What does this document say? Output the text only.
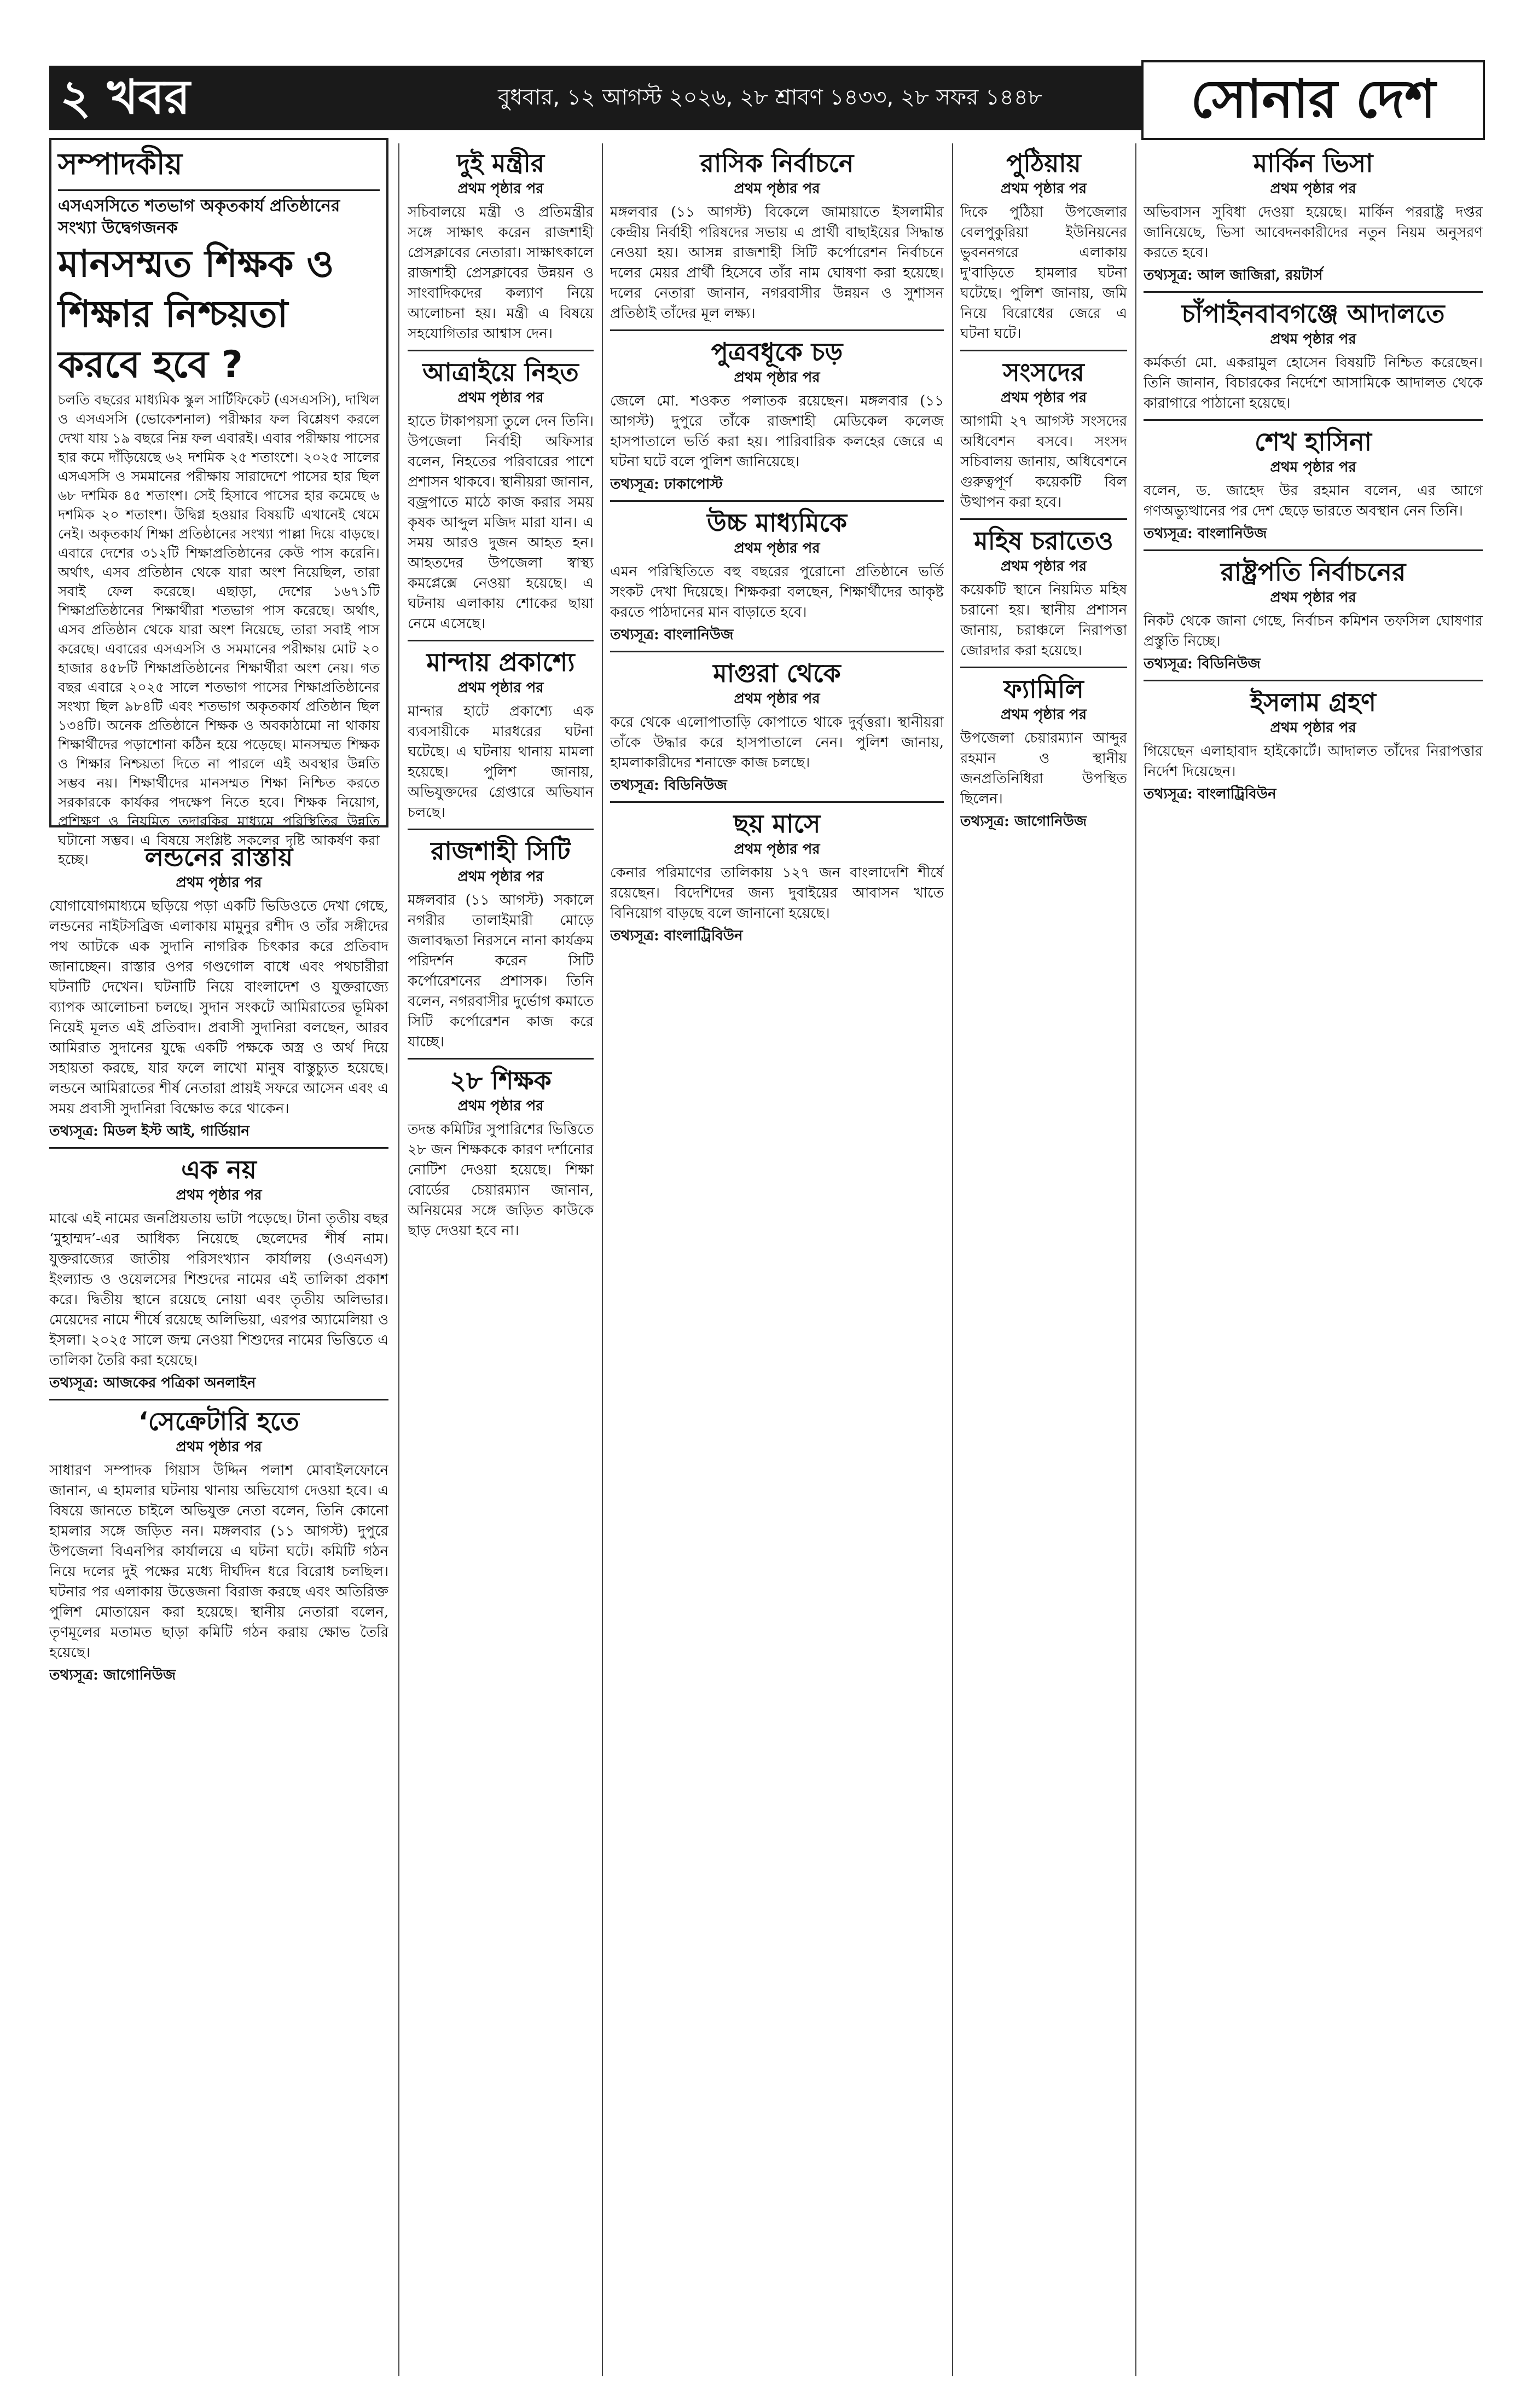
২ খবর	বুধবার, ১২ আগস্ট ২০২৬, ২৮ শ্রাবণ ১৪৩৩, ২৮ সফর ১৪৪৮	সোনার দেশ
সম্পাদকীয়
এসএসসিতে শতভাগ অকৃতকার্য প্রতিষ্ঠানের সংখ্যা উদ্বেগজনক
মানসম্মত শিক্ষক ও শিক্ষার নিশ্চয়তা করবে হবে ?
চলতি বছরের মাধ্যমিক স্কুল সার্টিফিকেট (এসএসসি), দাখিল ও এসএসসি (ভোকেশনাল) পরীক্ষার ফল বিশ্লেষণ করলে দেখা যায় ১৯ বছরে নিম্ন ফল এবারই। এবার পরীক্ষায় পাসের হার কমে দাঁড়িয়েছে ৬২ দশমিক ২৫ শতাংশে। ২০২৫ সালের এসএসসি ও সমমানের পরীক্ষায় সারাদেশে পাসের হার ছিল ৬৮ দশমিক ৪৫ শতাংশ। সেই হিসাবে পাসের হার কমেছে ৬ দশমিক ২০ শতাংশ। উদ্বিগ্ন হওয়ার বিষয়টি এখানেই থেমে নেই। অকৃতকার্য শিক্ষা প্রতিষ্ঠানের সংখ্যা পাল্লা দিয়ে বাড়ছে। এবারে দেশের ৩১২টি শিক্ষাপ্রতিষ্ঠানের কেউ পাস করেনি। অর্থাৎ, এসব প্রতিষ্ঠান থেকে যারা অংশ নিয়েছিল, তারা সবাই ফেল করেছে। এছাড়া, দেশের ১৬৭১টি শিক্ষাপ্রতিষ্ঠানের শিক্ষার্থীরা শতভাগ পাস করেছে। অর্থাৎ, এসব প্রতিষ্ঠান থেকে যারা অংশ নিয়েছে, তারা সবাই পাস করেছে। এবারের এসএসসি ও সমমানের পরীক্ষায় মোট ২০ হাজার ৪৫৮টি শিক্ষাপ্রতিষ্ঠানের শিক্ষার্থীরা অংশ নেয়। গত বছর এবারে ২০২৫ সালে শতভাগ পাসের শিক্ষাপ্রতিষ্ঠানের সংখ্যা ছিল ৯৮৪টি এবং শতভাগ অকৃতকার্য প্রতিষ্ঠান ছিল ১৩৪টি। অনেক প্রতিষ্ঠানে শিক্ষক ও অবকাঠামো না থাকায় শিক্ষার্থীদের পড়াশোনা কঠিন হয়ে পড়েছে। মানসম্মত শিক্ষক ও শিক্ষার নিশ্চয়তা দিতে না পারলে এই অবস্থার উন্নতি সম্ভব নয়। শিক্ষার্থীদের মানসম্মত শিক্ষা নিশ্চিত করতে সরকারকে কার্যকর পদক্ষেপ নিতে হবে। শিক্ষক নিয়োগ, প্রশিক্ষণ ও নিয়মিত তদারকির মাধ্যমে পরিস্থিতির উন্নতি ঘটানো সম্ভব। এ বিষয়ে সংশ্লিষ্ট সকলের দৃষ্টি আকর্ষণ করা হচ্ছে।	লন্ডনের রাস্তায়
প্রথম পৃষ্ঠার পর
যোগাযোগমাধ্যমে ছড়িয়ে পড়া একটি ভিডিওতে দেখা গেছে, লন্ডনের নাইটসব্রিজ এলাকায় মামুনুর রশীদ ও তাঁর সঙ্গীদের পথ আটকে এক সুদানি নাগরিক চিৎকার করে প্রতিবাদ জানাচ্ছেন। রাস্তার ওপর গণ্ডগোল বাধে এবং পথচারীরা ঘটনাটি দেখেন। ঘটনাটি নিয়ে বাংলাদেশ ও যুক্তরাজ্যে ব্যাপক আলোচনা চলছে। সুদান সংকটে আমিরাতের ভূমিকা নিয়েই মূলত এই প্রতিবাদ। প্রবাসী সুদানিরা বলছেন, আরব আমিরাত সুদানের যুদ্ধে একটি পক্ষকে অস্ত্র ও অর্থ দিয়ে সহায়তা করছে, যার ফলে লাখো মানুষ বাস্তুচ্যুত হয়েছে। লন্ডনে আমিরাতের শীর্ষ নেতারা প্রায়ই সফরে আসেন এবং এ সময় প্রবাসী সুদানিরা বিক্ষোভ করে থাকেন।
তথ্যসূত্র: মিডল ইস্ট আই, গার্ডিয়ান
এক নয়
প্রথম পৃষ্ঠার পর
মাঝে এই নামের জনপ্রিয়তায় ভাটা পড়েছে। টানা তৃতীয় বছর ‘মুহাম্মদ’-এর আধিক্য নিয়েছে ছেলেদের শীর্ষ নাম। যুক্তরাজ্যের জাতীয় পরিসংখ্যান কার্যালয় (ওএনএস) ইংল্যান্ড ও ওয়েলসের শিশুদের নামের এই তালিকা প্রকাশ করে। দ্বিতীয় স্থানে রয়েছে নোয়া এবং তৃতীয় অলিভার। মেয়েদের নামে শীর্ষে রয়েছে অলিভিয়া, এরপর অ্যামেলিয়া ও ইসলা। ২০২৫ সালে জন্ম নেওয়া শিশুদের নামের ভিত্তিতে এ তালিকা তৈরি করা হয়েছে।
তথ্যসূত্র: আজকের পত্রিকা অনলাইন
‘সেক্রেটারি হতে
প্রথম পৃষ্ঠার পর
সাধারণ সম্পাদক গিয়াস উদ্দিন পলাশ মোবাইলফোনে জানান, এ হামলার ঘটনায় থানায় অভিযোগ দেওয়া হবে। এ বিষয়ে জানতে চাইলে অভিযুক্ত নেতা বলেন, তিনি কোনো হামলার সঙ্গে জড়িত নন। মঙ্গলবার (১১ আগস্ট) দুপুরে উপজেলা বিএনপির কার্যালয়ে এ ঘটনা ঘটে। কমিটি গঠন নিয়ে দলের দুই পক্ষের মধ্যে দীর্ঘদিন ধরে বিরোধ চলছিল। ঘটনার পর এলাকায় উত্তেজনা বিরাজ করছে এবং অতিরিক্ত পুলিশ মোতায়েন করা হয়েছে। স্থানীয় নেতারা বলেন, তৃণমূলের মতামত ছাড়া কমিটি গঠন করায় ক্ষোভ তৈরি হয়েছে।
তথ্যসূত্র: জাগোনিউজ
দুই মন্ত্রীর
প্রথম পৃষ্ঠার পর
সচিবালয়ে মন্ত্রী ও প্রতিমন্ত্রীর সঙ্গে সাক্ষাৎ করেন রাজশাহী প্রেসক্লাবের নেতারা। সাক্ষাৎকালে রাজশাহী প্রেসক্লাবের উন্নয়ন ও সাংবাদিকদের কল্যাণ নিয়ে আলোচনা হয়। মন্ত্রী এ বিষয়ে সহযোগিতার আশ্বাস দেন।
আত্রাইয়ে নিহত
প্রথম পৃষ্ঠার পর
হাতে টাকাপয়সা তুলে দেন তিনি। উপজেলা নির্বাহী অফিসার বলেন, নিহতের পরিবারের পাশে প্রশাসন থাকবে। স্থানীয়রা জানান, বজ্রপাতে মাঠে কাজ করার সময় কৃষক আব্দুল মজিদ মারা যান। এ সময় আরও দুজন আহত হন। আহতদের উপজেলা স্বাস্থ্য কমপ্লেক্সে নেওয়া হয়েছে। এ ঘটনায় এলাকায় শোকের ছায়া নেমে এসেছে।
মান্দায় প্রকাশ্যে
প্রথম পৃষ্ঠার পর
মান্দার হাটে প্রকাশ্যে এক ব্যবসায়ীকে মারধরের ঘটনা ঘটেছে। এ ঘটনায় থানায় মামলা হয়েছে। পুলিশ জানায়, অভিযুক্তদের গ্রেপ্তারে অভিযান চলছে।
রাজশাহী সিটি
প্রথম পৃষ্ঠার পর
মঙ্গলবার (১১ আগস্ট) সকালে নগরীর তালাইমারী মোড়ে জলাবদ্ধতা নিরসনে নানা কার্যক্রম পরিদর্শন করেন সিটি কর্পোরেশনের প্রশাসক। তিনি বলেন, নগরবাসীর দুর্ভোগ কমাতে সিটি কর্পোরেশন কাজ করে যাচ্ছে।
২৮ শিক্ষক
প্রথম পৃষ্ঠার পর
তদন্ত কমিটির সুপারিশের ভিত্তিতে ২৮ জন শিক্ষককে কারণ দর্শানোর নোটিশ দেওয়া হয়েছে। শিক্ষা বোর্ডের চেয়ারম্যান জানান, অনিয়মের সঙ্গে জড়িত কাউকে ছাড় দেওয়া হবে না।
রাসিক নির্বাচনে
প্রথম পৃষ্ঠার পর
মঙ্গলবার (১১ আগস্ট) বিকেলে জামায়াতে ইসলামীর কেন্দ্রীয় নির্বাহী পরিষদের সভায় এ প্রার্থী বাছাইয়ের সিদ্ধান্ত নেওয়া হয়। আসন্ন রাজশাহী সিটি কর্পোরেশন নির্বাচনে দলের মেয়র প্রার্থী হিসেবে তাঁর নাম ঘোষণা করা হয়েছে। দলের নেতারা জানান, নগরবাসীর উন্নয়ন ও সুশাসন প্রতিষ্ঠাই তাঁদের মূল লক্ষ্য।
পুত্রবধূকে চড়
প্রথম পৃষ্ঠার পর
জেলে মো. শওকত পলাতক রয়েছেন। মঙ্গলবার (১১ আগস্ট) দুপুরে তাঁকে রাজশাহী মেডিকেল কলেজ হাসপাতালে ভর্তি করা হয়। পারিবারিক কলহের জেরে এ ঘটনা ঘটে বলে পুলিশ জানিয়েছে।
তথ্যসূত্র: ঢাকাপোস্ট
উচ্চ মাধ্যমিকে
প্রথম পৃষ্ঠার পর
এমন পরিস্থিতিতে বহু বছরের পুরোনো প্রতিষ্ঠানে ভর্তি সংকট দেখা দিয়েছে। শিক্ষকরা বলছেন, শিক্ষার্থীদের আকৃষ্ট করতে পাঠদানের মান বাড়াতে হবে।
তথ্যসূত্র: বাংলানিউজ
মাগুরা থেকে
প্রথম পৃষ্ঠার পর
করে থেকে এলোপাতাড়ি কোপাতে থাকে দুর্বৃত্তরা। স্থানীয়রা তাঁকে উদ্ধার করে হাসপাতালে নেন। পুলিশ জানায়, হামলাকারীদের শনাক্তে কাজ চলছে।
তথ্যসূত্র: বিডিনিউজ
ছয় মাসে
প্রথম পৃষ্ঠার পর
কেনার পরিমাণের তালিকায় ১২৭ জন বাংলাদেশি শীর্ষে রয়েছেন। বিদেশিদের জন্য দুবাইয়ের আবাসন খাতে বিনিয়োগ বাড়ছে বলে জানানো হয়েছে।
তথ্যসূত্র: বাংলাট্রিবিউন
পুঠিয়ায়
প্রথম পৃষ্ঠার পর
দিকে পুঠিয়া উপজেলার বেলপুকুরিয়া ইউনিয়নের ভুবননগরে এলাকায় দু'বাড়িতে হামলার ঘটনা ঘটেছে। পুলিশ জানায়, জমি নিয়ে বিরোধের জেরে এ ঘটনা ঘটে।
সংসদের
প্রথম পৃষ্ঠার পর
আগামী ২৭ আগস্ট সংসদের অধিবেশন বসবে। সংসদ সচিবালয় জানায়, অধিবেশনে গুরুত্বপূর্ণ কয়েকটি বিল উত্থাপন করা হবে।
মহিষ চরাতেও
প্রথম পৃষ্ঠার পর
কয়েকটি স্থানে নিয়মিত মহিষ চরানো হয়। স্থানীয় প্রশাসন জানায়, চরাঞ্চলে নিরাপত্তা জোরদার করা হয়েছে।
ফ্যামিলি
প্রথম পৃষ্ঠার পর
উপজেলা চেয়ারম্যান আব্দুর রহমান ও স্থানীয় জনপ্রতিনিধিরা উপস্থিত ছিলেন।
তথ্যসূত্র: জাগোনিউজ
মার্কিন ভিসা
প্রথম পৃষ্ঠার পর
অভিবাসন সুবিধা দেওয়া হয়েছে। মার্কিন পররাষ্ট্র দপ্তর জানিয়েছে, ভিসা আবেদনকারীদের নতুন নিয়ম অনুসরণ করতে হবে।
তথ্যসূত্র: আল জাজিরা, রয়টার্স
চাঁপাইনবাবগঞ্জে আদালতে
প্রথম পৃষ্ঠার পর
কর্মকর্তা মো. একরামুল হোসেন বিষয়টি নিশ্চিত করেছেন। তিনি জানান, বিচারকের নির্দেশে আসামিকে আদালত থেকে কারাগারে পাঠানো হয়েছে।
শেখ হাসিনা
প্রথম পৃষ্ঠার পর
বলেন, ড. জাহেদ উর রহমান বলেন, এর আগে গণঅভ্যুত্থানের পর দেশ ছেড়ে ভারতে অবস্থান নেন তিনি।
তথ্যসূত্র: বাংলানিউজ
রাষ্ট্রপতি নির্বাচনের
প্রথম পৃষ্ঠার পর
নিকট থেকে জানা গেছে, নির্বাচন কমিশন তফসিল ঘোষণার প্রস্তুতি নিচ্ছে।
তথ্যসূত্র: বিডিনিউজ
ইসলাম গ্রহণ
প্রথম পৃষ্ঠার পর
গিয়েছেন এলাহাবাদ হাইকোর্টে। আদালত তাঁদের নিরাপত্তার নির্দেশ দিয়েছেন।
তথ্যসূত্র: বাংলাট্রিবিউন
